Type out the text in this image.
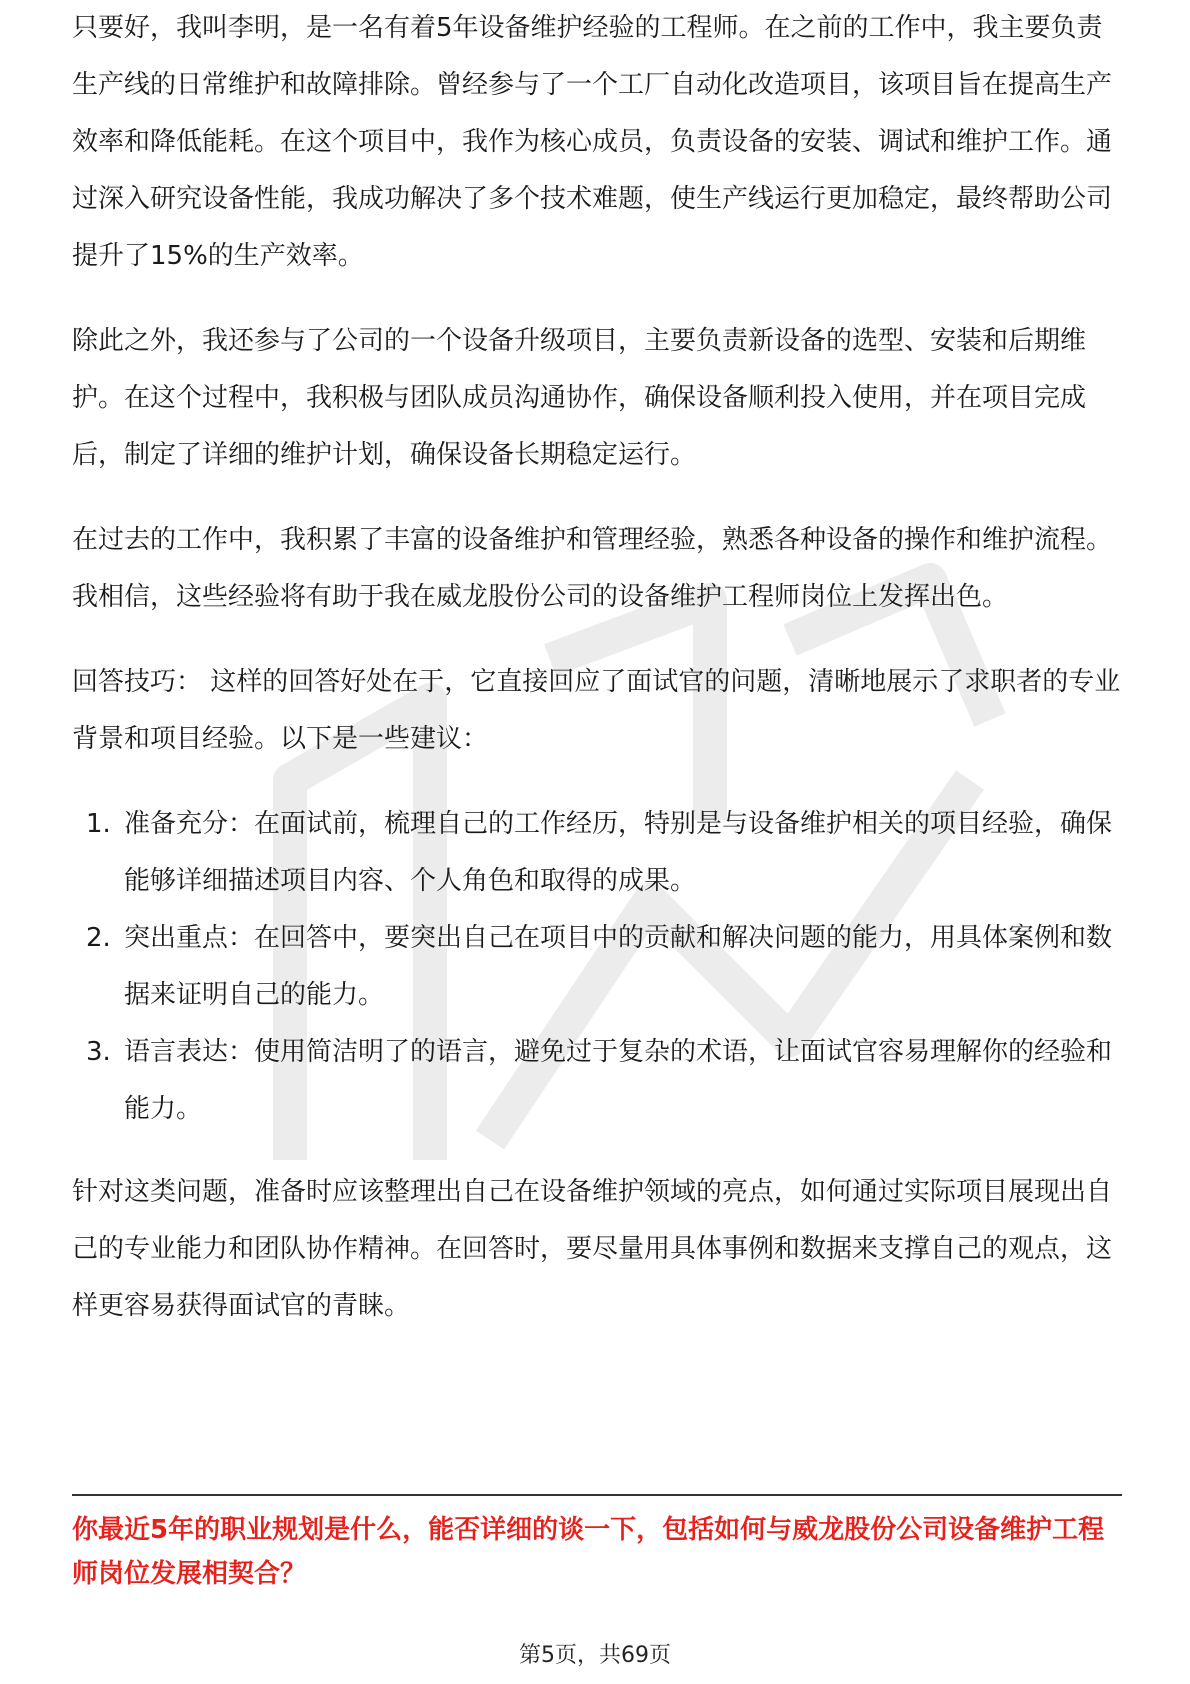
只要好，我叫李明，是一名有着5年设备维护经验的工程师。在之前的工作中，我主要负责生产线的日常维护和故障排除。曾经参与了一个工厂自动化改造项目，该项目旨在提高生产效率和降低能耗。在这个项目中，我作为核心成员，负责设备的安装、调试和维护工作。通过深入研究设备性能，我成功解决了多个技术难题，使生产线运行更加稳定，最终帮助公司提升了15%的生产效率。

除此之外，我还参与了公司的一个设备升级项目，主要负责新设备的选型、安装和后期维护。在这个过程中，我积极与团队成员沟通协作，确保设备顺利投入使用，并在项目完成后，制定了详细的维护计划，确保设备长期稳定运行。

在过去的工作中，我积累了丰富的设备维护和管理经验，熟悉各种设备的操作和维护流程。我相信，这些经验将有助于我在威龙股份公司的设备维护工程师岗位上发挥出色。

回答技巧： 这样的回答好处在于，它直接回应了面试官的问题，清晰地展示了求职者的专业背景和项目经验。以下是一些建议：

1. 准备充分：在面试前，梳理自己的工作经历，特别是与设备维护相关的项目经验，确保能够详细描述项目内容、个人角色和取得的成果。
2. 突出重点：在回答中，要突出自己在项目中的贡献和解决问题的能力，用具体案例和数据来证明自己的能力。
3. 语言表达：使用简洁明了的语言，避免过于复杂的术语，让面试官容易理解你的经验和能力。

针对这类问题，准备时应该整理出自己在设备维护领域的亮点，如何通过实际项目展现出自己的专业能力和团队协作精神。在回答时，要尽量用具体事例和数据来支撑自己的观点，这样更容易获得面试官的青睐。

你最近5年的职业规划是什么，能否详细的谈一下，包括如何与威龙股份公司设备维护工程师岗位发展相契合？
第5页，共69页
